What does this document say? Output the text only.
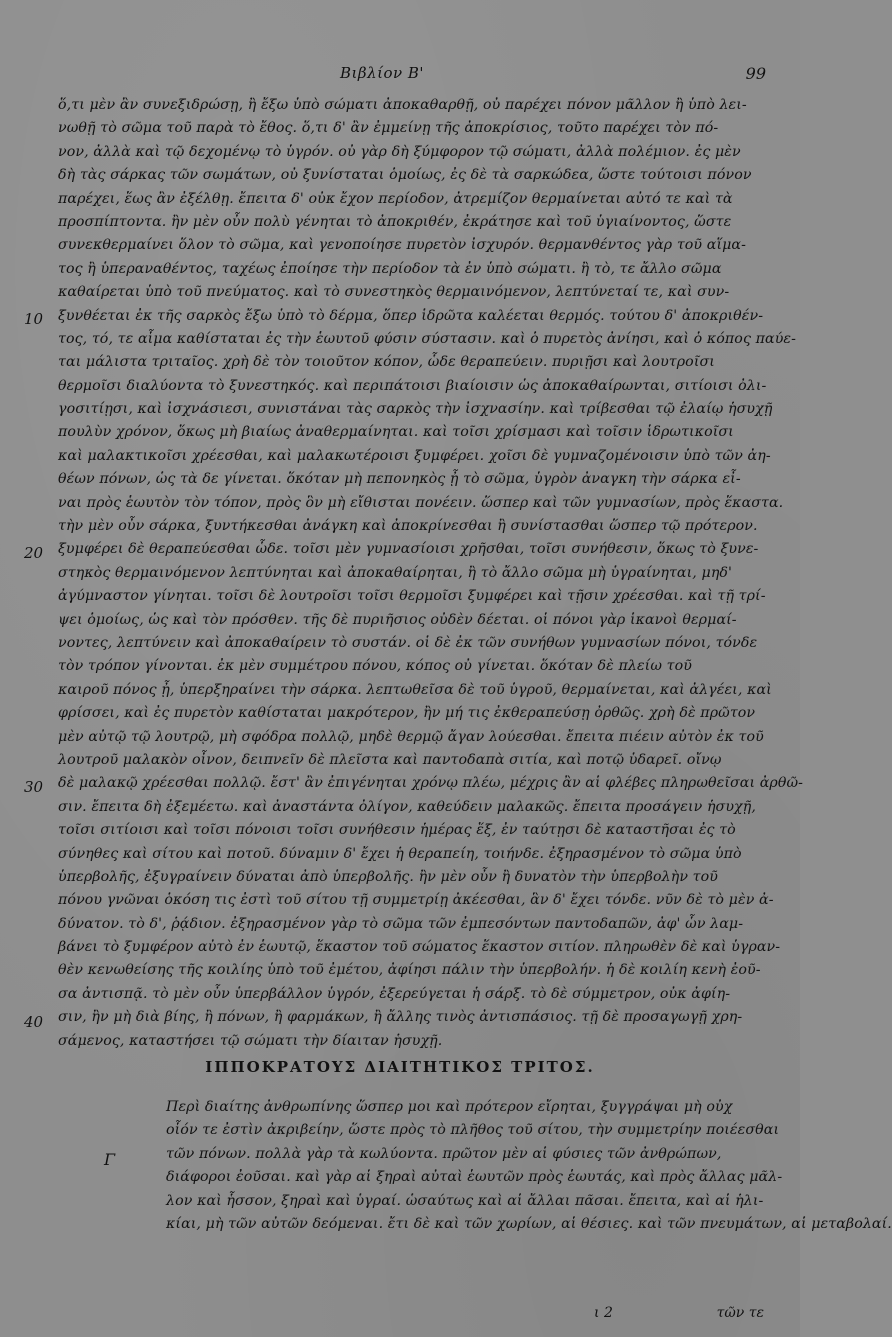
Βιβλίον Β'	99
10
20
30
40
ὅ,τι μὲν ἂν συνεξιδρώσῃ, ἢ ἔξω ὑπὸ σώματι ἀποκαθαρθῇ, οὐ παρέχει πόνον μᾶλλον ἢ ὑπὸ λει-
νωθῇ τὸ σῶμα τοῦ παρὰ τὸ ἔθος. ὅ,τι δ' ἂν ἐμμείνῃ τῆς ἀποκρίσιος, τοῦτο παρέχει τὸν πό-
νον, ἀλλὰ καὶ τῷ δεχομένῳ τὸ ὑγρόν. οὐ γὰρ δὴ ξύμφορον τῷ σώματι, ἀλλὰ πολέμιον. ἐς μὲν
δὴ τὰς σάρκας τῶν σωμάτων, οὐ ξυνίσταται ὁμοίως, ἐς δὲ τὰ σαρκώδεα, ὥστε τούτοισι πόνον
παρέχει, ἕως ἂν ἐξέλθῃ. ἔπειτα δ' οὐκ ἔχον περίοδον, ἀτρεμίζον θερμαίνεται αὐτό τε καὶ τὰ
προσπίπτοντα. ἢν μὲν οὖν πολὺ γένηται τὸ ἀποκριθέν, ἐκράτησε καὶ τοῦ ὑγιαίνοντος, ὥστε
συνεκθερμαίνει ὅλον τὸ σῶμα, καὶ γενοποίησε πυρετὸν ἰσχυρόν. θερμανθέντος γὰρ τοῦ αἵμα-
τος ἢ ὑπεραναθέντος, ταχέως ἐποίησε τὴν περίοδον τὰ ἐν ὑπὸ σώματι. ἢ τὸ, τε ἄλλο σῶμα
καθαίρεται ὑπὸ τοῦ πνεύματος. καὶ τὸ συνεστηκὸς θερμαινόμενον, λεπτύνεταί τε, καὶ συν-
ξυνθέεται ἐκ τῆς σαρκὸς ἔξω ὑπὸ τὸ δέρμα, ὅπερ ἱδρῶτα καλέεται θερμός. τούτου δ' ἀποκριθέν-
τος, τό, τε αἷμα καθίσταται ἐς τὴν ἑωυτοῦ φύσιν σύστασιν. καὶ ὁ πυρετὸς ἀνίησι, καὶ ὁ κόπος παύε-
ται μάλιστα τριταῖος. χρὴ δὲ τὸν τοιοῦτον κόπον, ὧδε θεραπεύειν. πυριῇσι καὶ λουτροῖσι
θερμοῖσι διαλύοντα τὸ ξυνεστηκός. καὶ περιπάτοισι βιαίοισιν ὡς ἀποκαθαίρωνται, σιτίοισι ὀλι-
γοσιτίῃσι, καὶ ἰσχνάσιεσι, συνιστάναι τὰς σαρκὸς τὴν ἰσχνασίην. καὶ τρίβεσθαι τῷ ἐλαίῳ ἡσυχῇ
πουλὺν χρόνον, ὅκως μὴ βιαίως ἀναθερμαίνηται. καὶ τοῖσι χρίσμασι καὶ τοῖσιν ἱδρωτικοῖσι
καὶ μαλακτικοῖσι χρέεσθαι, καὶ μαλακωτέροισι ξυμφέρει. χοῖσι δὲ γυμναζομένοισιν ὑπὸ τῶν ἀη-
θέων πόνων, ὡς τὰ δε γίνεται. ὅκόταν μὴ πεπονηκὸς ᾖ τὸ σῶμα, ὑγρὸν ἀναγκη τὴν σάρκα εἶ-
ναι πρὸς ἑωυτὸν τὸν τόπον, πρὸς ὃν μὴ εἴθισται πονέειν. ὥσπερ καὶ τῶν γυμνασίων, πρὸς ἕκαστα.
τὴν μὲν οὖν σάρκα, ξυντήκεσθαι ἀνάγκη καὶ ἀποκρίνεσθαι ἢ συνίστασθαι ὥσπερ τῷ πρότερον.
ξυμφέρει δὲ θεραπεύεσθαι ὧδε. τοῖσι μὲν γυμνασίοισι χρῆσθαι, τοῖσι συνήθεσιν, ὅκως τὸ ξυνε-
στηκὸς θερμαινόμενον λεπτύνηται καὶ ἀποκαθαίρηται, ἢ τὸ ἄλλο σῶμα μὴ ὑγραίνηται, μηδ'
ἀγύμναστον γίνηται. τοῖσι δὲ λουτροῖσι τοῖσι θερμοῖσι ξυμφέρει καὶ τῇσιν χρέεσθαι. καὶ τῇ τρί-
ψει ὁμοίως, ὡς καὶ τὸν πρόσθεν. τῆς δὲ πυριῆσιος οὐδὲν δέεται. οἱ πόνοι γὰρ ἱκανοὶ θερμαί-
νοντες, λεπτύνειν καὶ ἀποκαθαίρειν τὸ συστάν. οἱ δὲ ἐκ τῶν συνήθων γυμνασίων πόνοι, τόνδε
τὸν τρόπον γίνονται. ἐκ μὲν συμμέτρου πόνου, κόπος οὐ γίνεται. ὅκόταν δὲ πλείω τοῦ
καιροῦ πόνος ᾖ, ὑπερξηραίνει τὴν σάρκα. λεπτωθεῖσα δὲ τοῦ ὑγροῦ, θερμαίνεται, καὶ ἀλγέει, καὶ
φρίσσει, καὶ ἐς πυρετὸν καθίσταται μακρότερον, ἢν μή τις ἐκθεραπεύσῃ ὀρθῶς. χρὴ δὲ πρῶτον
μὲν αὐτῷ τῷ λουτρῷ, μὴ σφόδρα πολλῷ, μηδὲ θερμῷ ἄγαν λούεσθαι. ἔπειτα πιέειν αὐτὸν ἐκ τοῦ
λουτροῦ μαλακὸν οἶνον, δειπνεῖν δὲ πλεῖστα καὶ παντοδαπὰ σιτία, καὶ ποτῷ ὑδαρεῖ. οἴνῳ
δὲ μαλακῷ χρέεσθαι πολλῷ. ἔστ' ἂν ἐπιγένηται χρόνῳ πλέω, μέχρις ἂν αἱ φλέβες πληρωθεῖσαι ἀρθῶ-
σιν. ἔπειτα δὴ ἐξεμέετω. καὶ ἀναστάντα ὀλίγον, καθεύδειν μαλακῶς. ἔπειτα προσάγειν ἡσυχῇ,
τοῖσι σιτίοισι καὶ τοῖσι πόνοισι τοῖσι συνήθεσιν ἡμέρας ἕξ, ἐν ταύτῃσι δὲ καταστῆσαι ἐς τὸ
σύνηθες καὶ σίτου καὶ ποτοῦ. δύναμιν δ' ἔχει ἡ θεραπείη, τοιήνδε. ἐξηρασμένον τὸ σῶμα ὑπὸ
ὑπερβολῆς, ἐξυγραίνειν δύναται ἀπὸ ὑπερβολῆς. ἢν μὲν οὖν ἢ δυνατὸν τὴν ὑπερβολὴν τοῦ
πόνου γνῶναι ὁκόση τις ἐστὶ τοῦ σίτου τῇ συμμετρίῃ ἀκέεσθαι, ἃν δ' ἔχει τόνδε. νῦν δὲ τὸ μὲν ἀ-
δύνατον. τὸ δ', ῥᾴδιον. ἐξηρασμένον γὰρ τὸ σῶμα τῶν ἐμπεσόντων παντοδαπῶν, ἀφ' ὧν λαμ-
βάνει τὸ ξυμφέρον αὐτὸ ἐν ἑωυτῷ, ἕκαστον τοῦ σώματος ἕκαστον σιτίον. πληρωθὲν δὲ καὶ ὑγραν-
θὲν κενωθείσης τῆς κοιλίης ὑπὸ τοῦ ἐμέτου, ἀφίησι πάλιν τὴν ὑπερβολήν. ἡ δὲ κοιλίη κενὴ ἐοῦ-
σα ἀντισπᾷ. τὸ μὲν οὖν ὑπερβάλλον ὑγρόν, ἐξερεύγεται ἡ σάρξ. τὸ δὲ σύμμετρον, οὐκ ἀφίη-
σιν, ἢν μὴ διὰ βίης, ἢ πόνων, ἢ φαρμάκων, ἢ ἄλλης τινὸς ἀντισπάσιος. τῇ δὲ προσαγωγῇ χρη-
σάμενος, καταστήσει τῷ σώματι τὴν δίαιταν ἡσυχῇ.
ΙΠΠΟΚΡΑΤΟΥΣ ΔΙΑΙΤΗΤΙΚΟΣ ΤΡΙΤΟΣ.
Γ
Περὶ διαίτης ἀνθρωπίνης ὥσπερ μοι καὶ πρότερον εἴρηται, ξυγγράψαι μὴ οὐχ
οἷόν τε ἐστὶν ἀκριβείην, ὥστε πρὸς τὸ πλῆθος τοῦ σίτου, τὴν συμμετρίην ποιέεσθαι
τῶν πόνων. πολλὰ γὰρ τὰ κωλύοντα. πρῶτον μὲν αἱ φύσιες τῶν ἀνθρώπων,
διάφοροι ἐοῦσαι. καὶ γὰρ αἱ ξηραὶ αὐταὶ ἑωυτῶν πρὸς ἑωυτάς, καὶ πρὸς ἄλλας μᾶλ-
λον καὶ ἧσσον, ξηραὶ καὶ ὑγραί. ὡσαύτως καὶ αἱ ἄλλαι πᾶσαι. ἔπειτα, καὶ αἱ ἡλι-
κίαι, μὴ τῶν αὐτῶν δεόμεναι. ἔτι δὲ καὶ τῶν χωρίων, αἱ θέσιες. καὶ τῶν πνευμάτων, αἱ μεταβολαί.
ι 2	τῶν τε
